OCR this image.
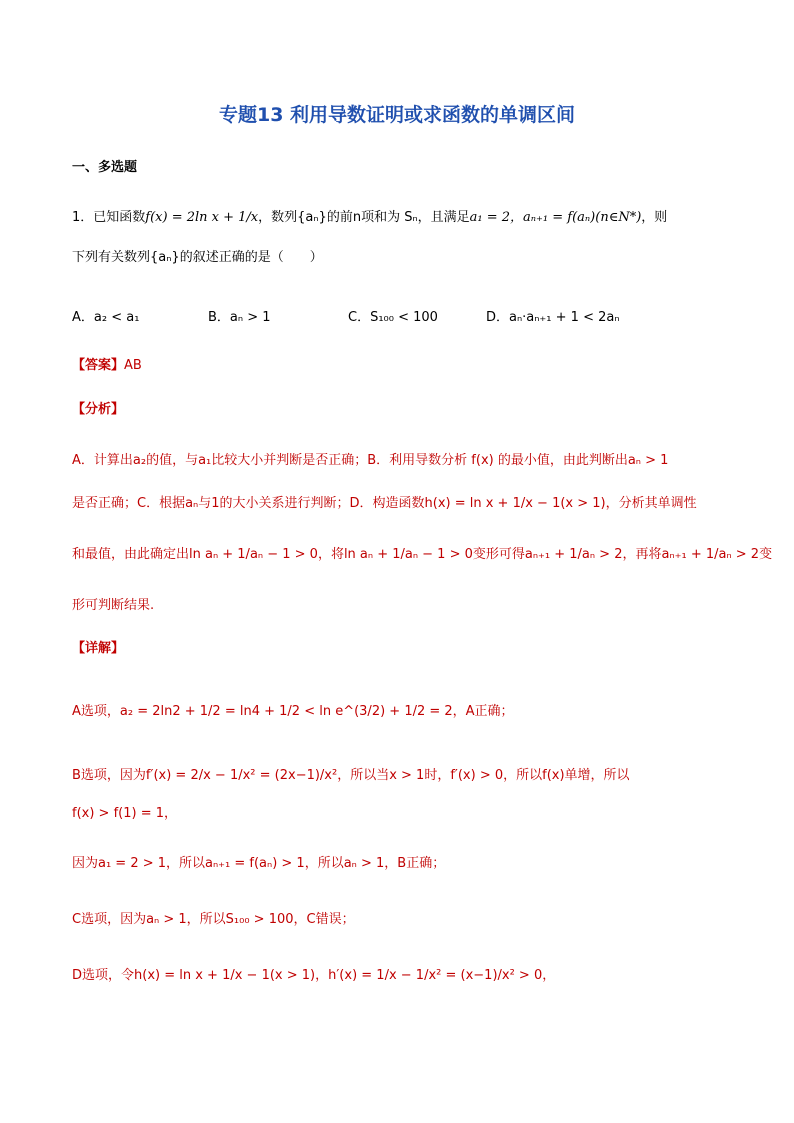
专题13 利用导数证明或求函数的单调区间
一、多选题
1．已知函数f(x) = 2ln x + 1/x，数列{aₙ}的前n项和为 Sₙ，且满足a₁ = 2，aₙ₊₁ = f(aₙ)(n∈N*)，则
下列有关数列{aₙ}的叙述正确的是（　　）
A．a₂ < a₁	B．aₙ > 1	C．S₁₀₀ < 100	D．aₙ·aₙ₊₁ + 1 < 2aₙ
【答案】AB
【分析】
A．计算出a₂的值，与a₁比较大小并判断是否正确；B．利用导数分析 f(x) 的最小值，由此判断出aₙ > 1
是否正确；C．根据aₙ与1的大小关系进行判断；D．构造函数h(x) = ln x + 1/x − 1(x > 1)，分析其单调性
和最值，由此确定出ln aₙ + 1/aₙ − 1 > 0，将ln aₙ + 1/aₙ − 1 > 0变形可得aₙ₊₁ + 1/aₙ > 2，再将aₙ₊₁ + 1/aₙ > 2变
形可判断结果.
【详解】
A选项，a₂ = 2ln2 + 1/2 = ln4 + 1/2 < ln e^(3/2) + 1/2 = 2，A正确；
B选项，因为f′(x) = 2/x − 1/x² = (2x−1)/x²，所以当x > 1时，f′(x) > 0，所以f(x)单增，所以
f(x) > f(1) = 1，
因为a₁ = 2 > 1，所以aₙ₊₁ = f(aₙ) > 1，所以aₙ > 1，B正确；
C选项，因为aₙ > 1，所以S₁₀₀ > 100，C错误；
D选项，令h(x) = ln x + 1/x − 1(x > 1)，h′(x) = 1/x − 1/x² = (x−1)/x² > 0，
